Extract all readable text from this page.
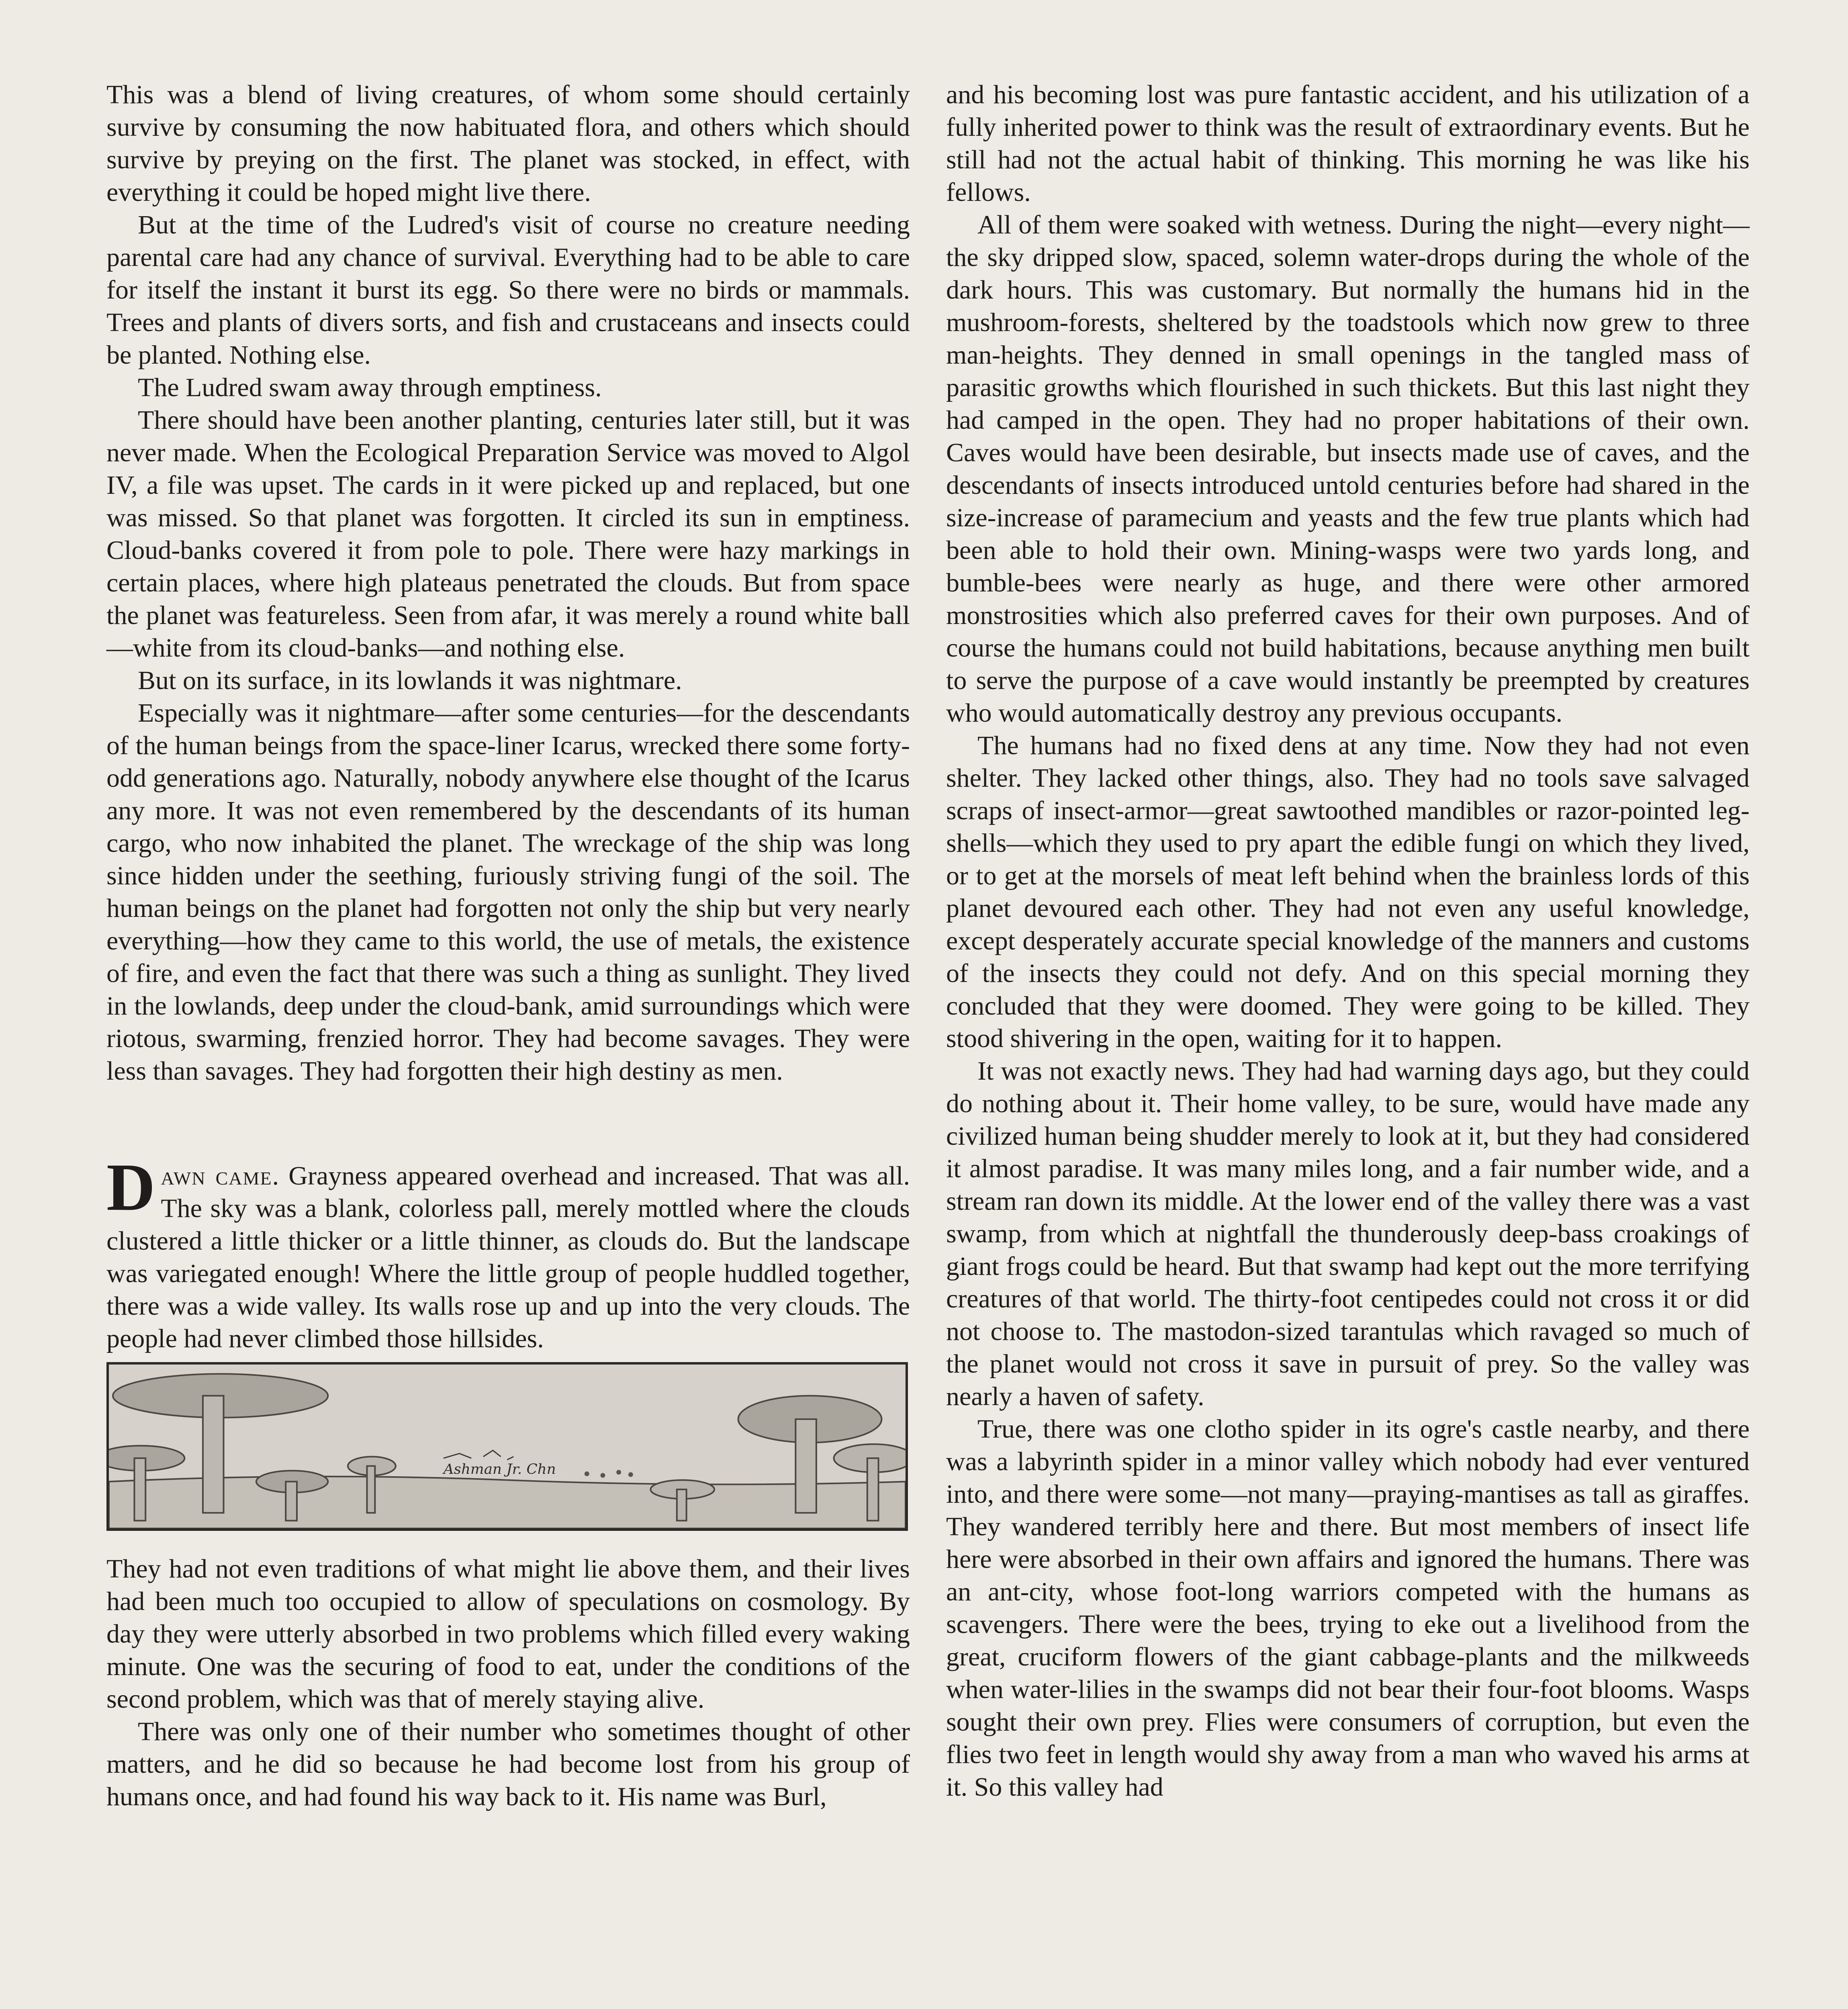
This was a blend of living creatures, of whom some should certainly survive by consuming the now habituated flora, and others which should survive by preying on the first. The planet was stocked, in effect, with everything it could be hoped might live there.

But at the time of the Ludred's visit of course no creature needing parental care had any chance of survival. Everything had to be able to care for itself the instant it burst its egg. So there were no birds or mammals. Trees and plants of divers sorts, and fish and crustaceans and insects could be planted. Nothing else.

The Ludred swam away through emptiness.

There should have been another planting, centuries later still, but it was never made. When the Ecological Preparation Service was moved to Algol IV, a file was upset. The cards in it were picked up and replaced, but one was missed. So that planet was forgotten. It circled its sun in emptiness. Cloud-banks covered it from pole to pole. There were hazy markings in certain places, where high plateaus penetrated the clouds. But from space the planet was featureless. Seen from afar, it was merely a round white ball—white from its cloud-banks—and nothing else.

But on its surface, in its lowlands it was nightmare.

Especially was it nightmare—after some centuries—for the descendants of the human beings from the space-liner Icarus, wrecked there some forty-odd generations ago. Naturally, nobody anywhere else thought of the Icarus any more. It was not even remembered by the descendants of its human cargo, who now inhabited the planet. The wreckage of the ship was long since hidden under the seething, furiously striving fungi of the soil. The human beings on the planet had forgotten not only the ship but very nearly everything—how they came to this world, the use of metals, the existence of fire, and even the fact that there was such a thing as sunlight. They lived in the lowlands, deep under the cloud-bank, amid surroundings which were riotous, swarming, frenzied horror. They had become savages. They were less than savages. They had forgotten their high destiny as men.

Dawn came. Grayness appeared overhead and increased. That was all. The sky was a blank, colorless pall, merely mottled where the clouds clustered a little thicker or a little thinner, as clouds do. But the landscape was variegated enough! Where the little group of people huddled together, there was a wide valley. Its walls rose up and up into the very clouds. The people had never climbed those hillsides.

Ashman Jr. Chn

They had not even traditions of what might lie above them, and their lives had been much too occupied to allow of speculations on cosmology. By day they were utterly absorbed in two problems which filled every waking minute. One was the securing of food to eat, under the conditions of the second problem, which was that of merely staying alive.

There was only one of their number who sometimes thought of other matters, and he did so because he had become lost from his group of humans once, and had found his way back to it. His name was Burl,

and his becoming lost was pure fantastic accident, and his utilization of a fully inherited power to think was the result of extraordinary events. But he still had not the actual habit of thinking. This morning he was like his fellows.

All of them were soaked with wetness. During the night—every night—the sky dripped slow, spaced, solemn water-drops during the whole of the dark hours. This was customary. But normally the humans hid in the mushroom-forests, sheltered by the toadstools which now grew to three man-heights. They denned in small openings in the tangled mass of parasitic growths which flourished in such thickets. But this last night they had camped in the open. They had no proper habitations of their own. Caves would have been desirable, but insects made use of caves, and the descendants of insects introduced untold centuries before had shared in the size-increase of paramecium and yeasts and the few true plants which had been able to hold their own. Mining-wasps were two yards long, and bumble-bees were nearly as huge, and there were other armored monstrosities which also preferred caves for their own purposes. And of course the humans could not build habitations, because anything men built to serve the purpose of a cave would instantly be preempted by creatures who would automatically destroy any previous occupants.

The humans had no fixed dens at any time. Now they had not even shelter. They lacked other things, also. They had no tools save salvaged scraps of insect-armor—great sawtoothed mandibles or razor-pointed leg-shells—which they used to pry apart the edible fungi on which they lived, or to get at the morsels of meat left behind when the brainless lords of this planet devoured each other. They had not even any useful knowledge, except desperately accurate special knowledge of the manners and customs of the insects they could not defy. And on this special morning they concluded that they were doomed. They were going to be killed. They stood shivering in the open, waiting for it to happen.

It was not exactly news. They had had warning days ago, but they could do nothing about it. Their home valley, to be sure, would have made any civilized human being shudder merely to look at it, but they had considered it almost paradise. It was many miles long, and a fair number wide, and a stream ran down its middle. At the lower end of the valley there was a vast swamp, from which at nightfall the thunderously deep-bass croakings of giant frogs could be heard. But that swamp had kept out the more terrifying creatures of that world. The thirty-foot centipedes could not cross it or did not choose to. The mastodon-sized tarantulas which ravaged so much of the planet would not cross it save in pursuit of prey. So the valley was nearly a haven of safety.

True, there was one clotho spider in its ogre's castle nearby, and there was a labyrinth spider in a minor valley which nobody had ever ventured into, and there were some—not many—praying-mantises as tall as giraffes. They wandered terribly here and there. But most members of insect life here were absorbed in their own affairs and ignored the humans. There was an ant-city, whose foot-long warriors competed with the humans as scavengers. There were the bees, trying to eke out a livelihood from the great, cruciform flowers of the giant cabbage-plants and the milkweeds when water-lilies in the swamps did not bear their four-foot blooms. Wasps sought their own prey. Flies were consumers of corruption, but even the flies two feet in length would shy away from a man who waved his arms at it. So this valley had
